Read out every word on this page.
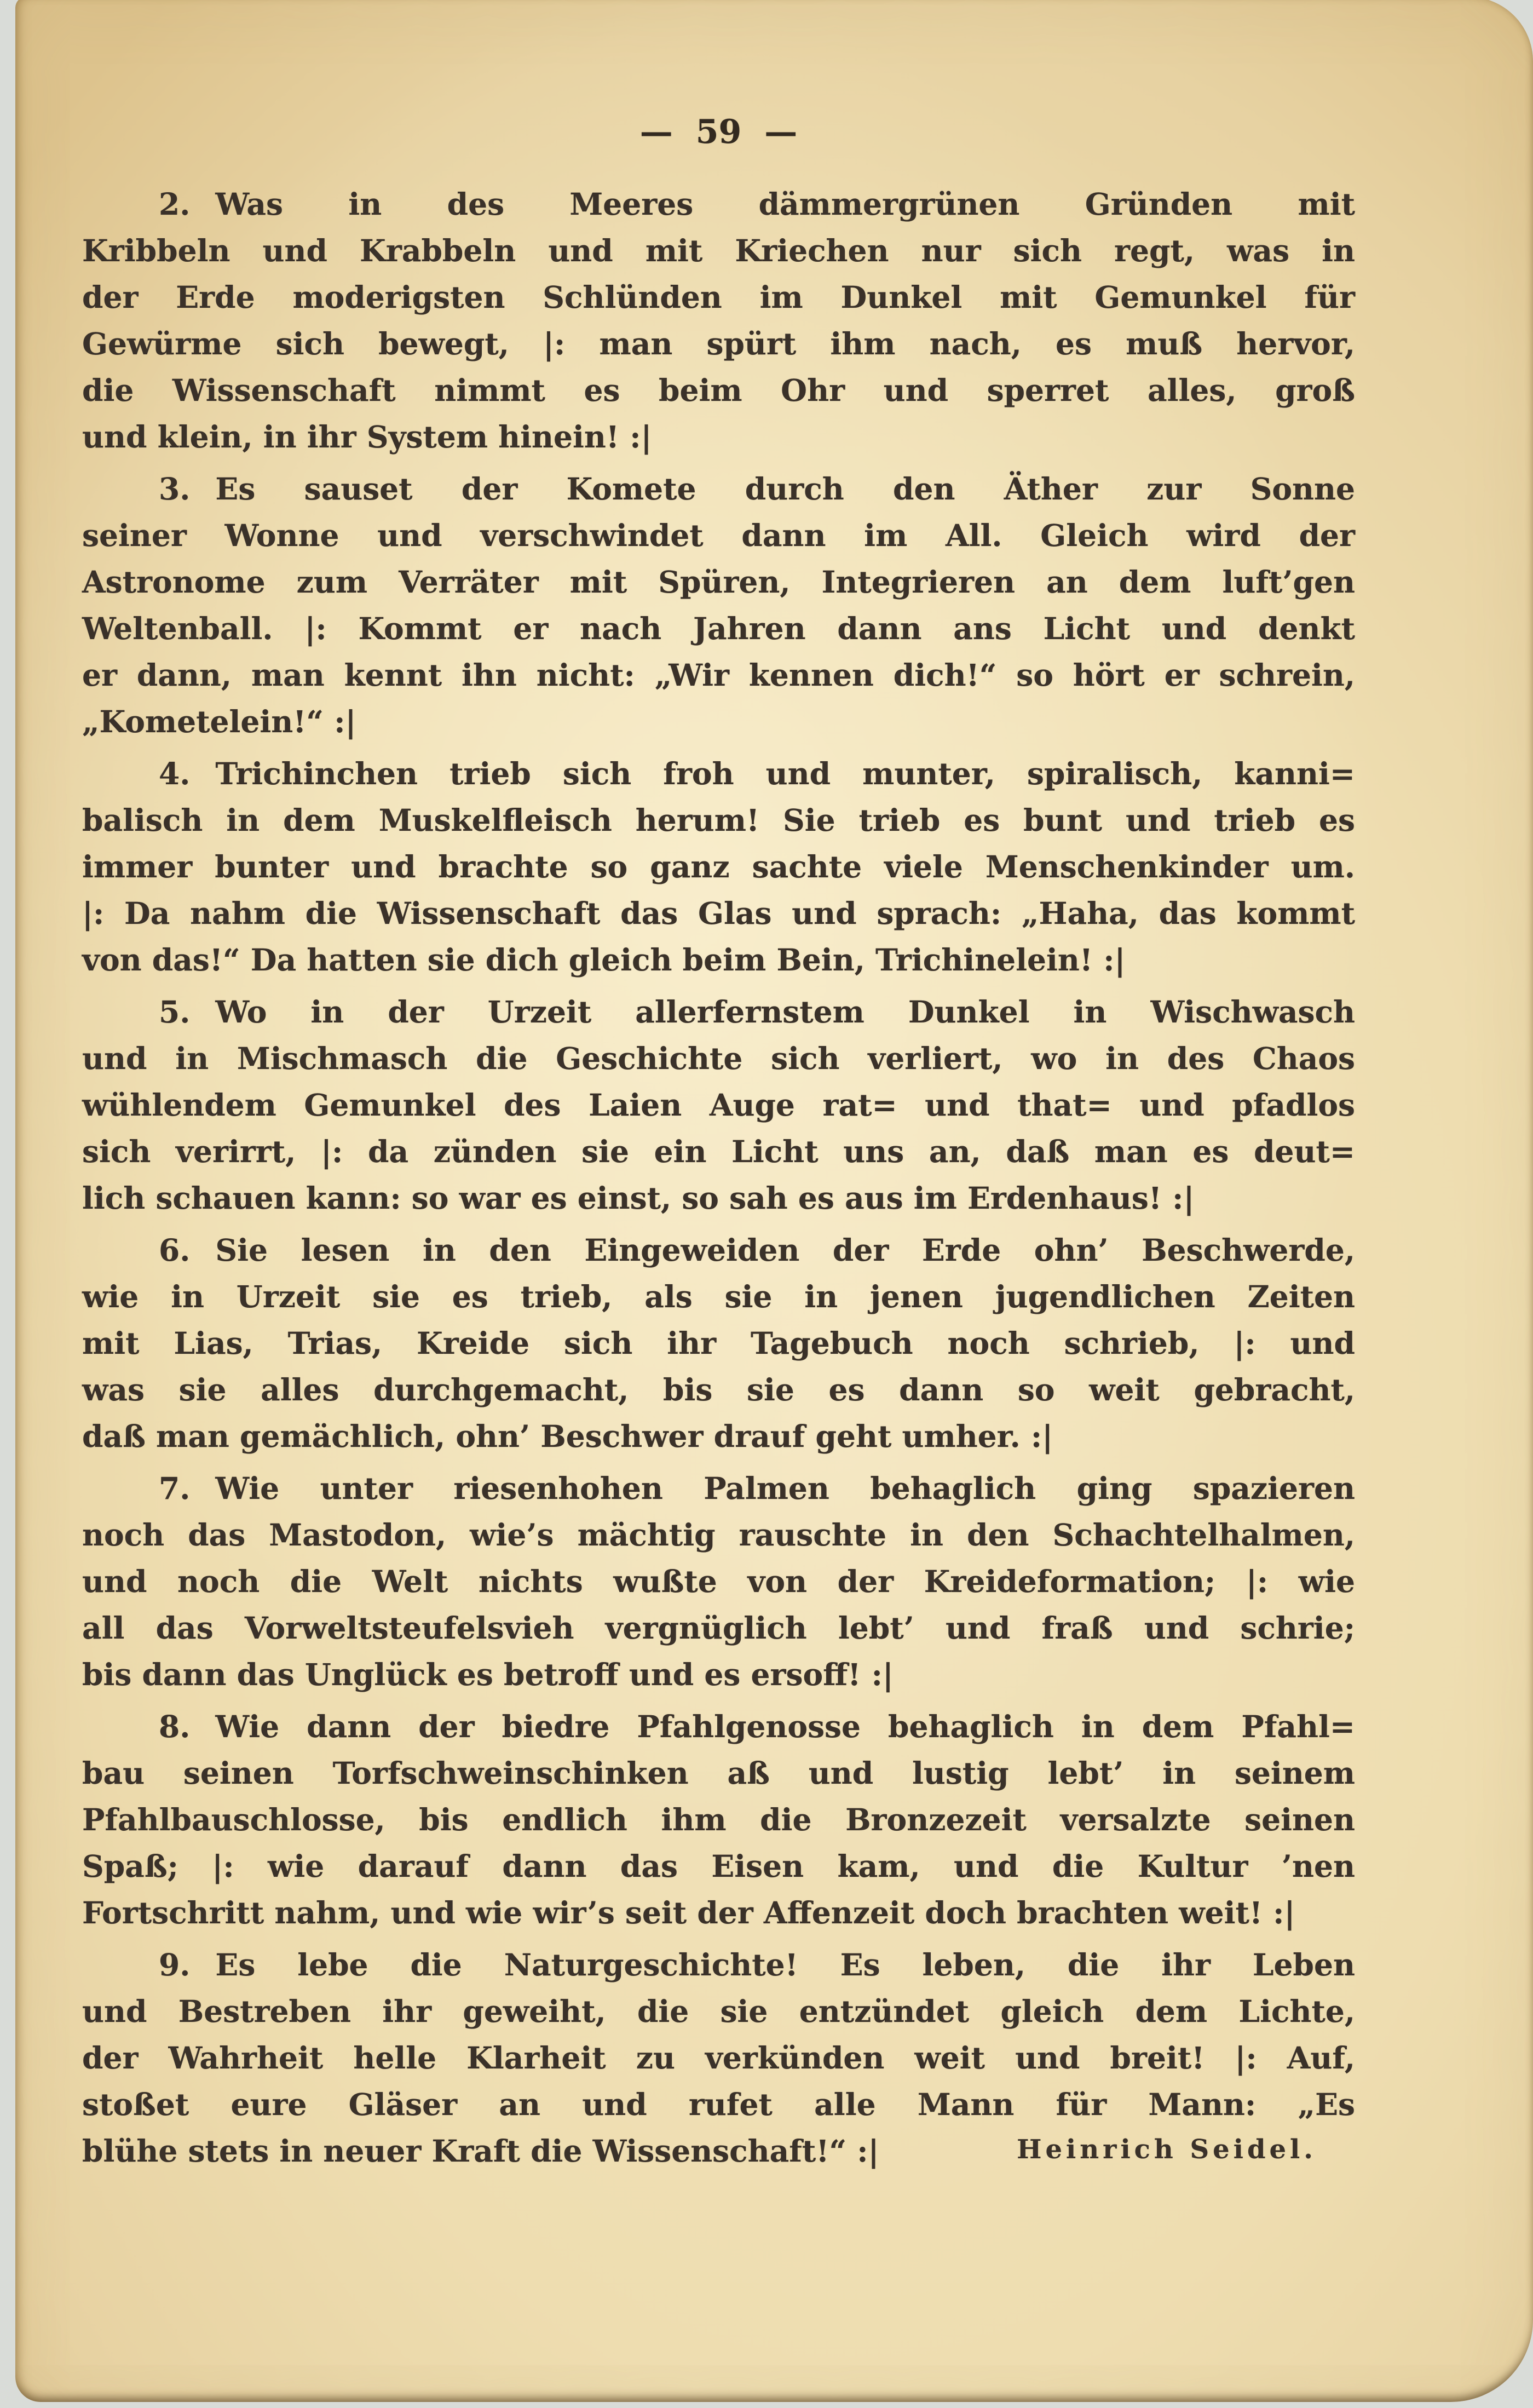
— 59 —
2. Was in des Meeres dämmergrünen Gründen mit
Kribbeln und Krabbeln und mit Kriechen nur sich regt, was in
der Erde moderigsten Schlünden im Dunkel mit Gemunkel für
Gewürme sich bewegt, |: man spürt ihm nach, es muß hervor,
die Wissenschaft nimmt es beim Ohr und sperret alles, groß
und klein, in ihr System hinein! :|
3. Es sauset der Komete durch den Äther zur Sonne
seiner Wonne und verschwindet dann im All. Gleich wird der
Astronome zum Verräter mit Spüren, Integrieren an dem luft’gen
Weltenball. |: Kommt er nach Jahren dann ans Licht und denkt
er dann, man kennt ihn nicht: „Wir kennen dich!“ so hört er schrein,
„Kometelein!“ :|
4. Trichinchen trieb sich froh und munter, spiralisch, kanni=
balisch in dem Muskelfleisch herum! Sie trieb es bunt und trieb es
immer bunter und brachte so ganz sachte viele Menschenkinder um.
|: Da nahm die Wissenschaft das Glas und sprach: „Haha, das kommt
von das!“ Da hatten sie dich gleich beim Bein, Trichinelein! :|
5. Wo in der Urzeit allerfernstem Dunkel in Wischwasch
und in Mischmasch die Geschichte sich verliert, wo in des Chaos
wühlendem Gemunkel des Laien Auge rat= und that= und pfadlos
sich verirrt, |: da zünden sie ein Licht uns an, daß man es deut=
lich schauen kann: so war es einst, so sah es aus im Erdenhaus! :|
6. Sie lesen in den Eingeweiden der Erde ohn’ Beschwerde,
wie in Urzeit sie es trieb, als sie in jenen jugendlichen Zeiten
mit Lias, Trias, Kreide sich ihr Tagebuch noch schrieb, |: und
was sie alles durchgemacht, bis sie es dann so weit gebracht,
daß man gemächlich, ohn’ Beschwer drauf geht umher. :|
7. Wie unter riesenhohen Palmen behaglich ging spazieren
noch das Mastodon, wie’s mächtig rauschte in den Schachtelhalmen,
und noch die Welt nichts wußte von der Kreideformation; |: wie
all das Vorweltsteufelsvieh vergnüglich lebt’ und fraß und schrie;
bis dann das Unglück es betroff und es ersoff! :|
8. Wie dann der biedre Pfahlgenosse behaglich in dem Pfahl=
bau seinen Torfschweinschinken aß und lustig lebt’ in seinem
Pfahlbauschlosse, bis endlich ihm die Bronzezeit versalzte seinen
Spaß; |: wie darauf dann das Eisen kam, und die Kultur ’nen
Fortschritt nahm, und wie wir’s seit der Affenzeit doch brachten weit! :|
9. Es lebe die Naturgeschichte! Es leben, die ihr Leben
und Bestreben ihr geweiht, die sie entzündet gleich dem Lichte,
der Wahrheit helle Klarheit zu verkünden weit und breit! |: Auf,
stoßet eure Gläser an und rufet alle Mann für Mann: „Es
blühe stets in neuer Kraft die Wissenschaft!“ :|	Heinrich Seidel.
